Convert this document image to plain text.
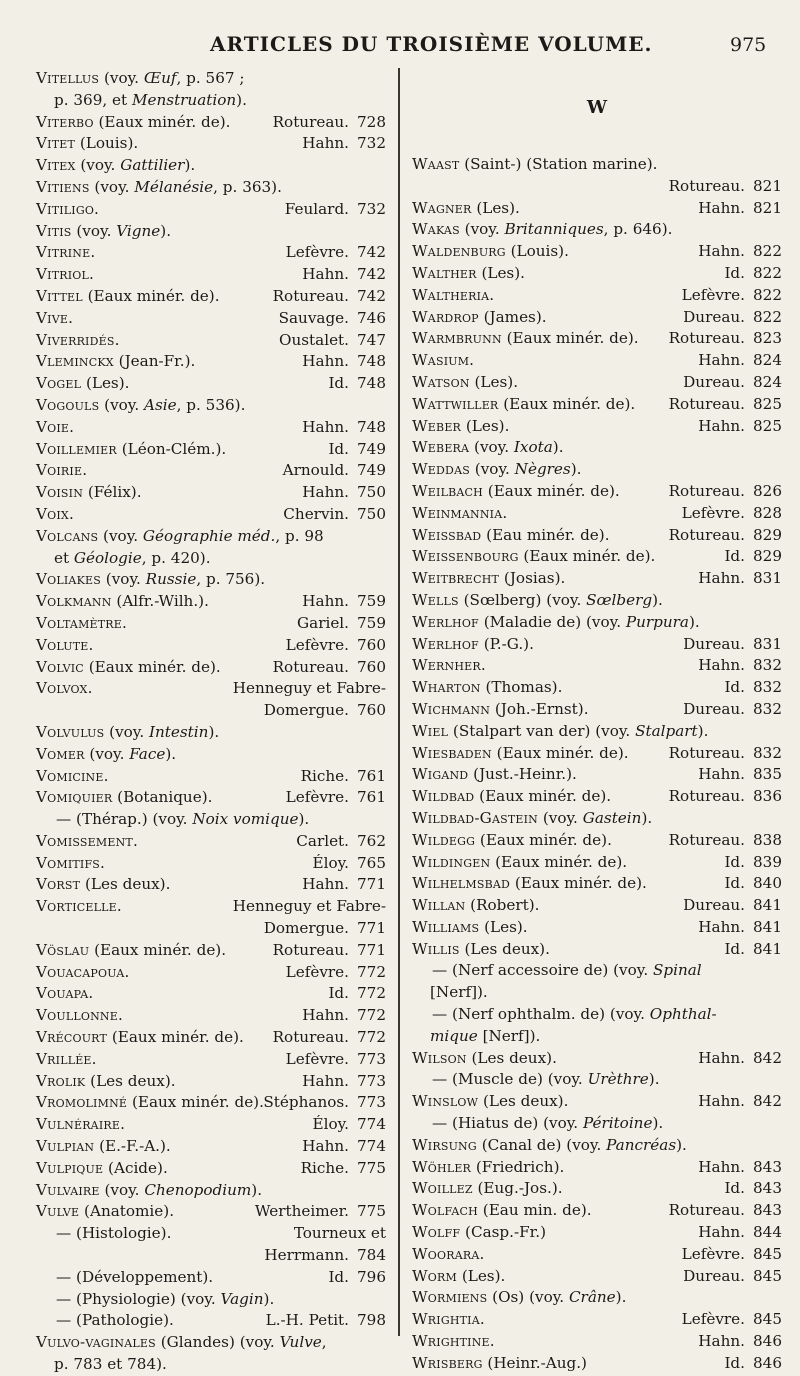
ARTICLES DU TROISIÈME VOLUME.	975
Vitellus (voy. Œuf, p. 567 ;
p. 369, et Menstruation).
Viterbo (Eaux minér. de).	Rotureau. 728
Vitet (Louis).	Hahn. 732
Vitex (voy. Gattilier).
Vitiens (voy. Mélanésie, p. 363).
Vitiligo.	Feulard. 732
Vitis (voy. Vigne).
Vitrine.	Lefèvre. 742
Vitriol.	Hahn. 742
Vittel (Eaux minér. de).	Rotureau. 742
Vive.	Sauvage. 746
Viverridés.	Oustalet. 747
Vleminckx (Jean-Fr.).	Hahn. 748
Vogel (Les).	Id. 748
Vogouls (voy. Asie, p. 536).
Voie.	Hahn. 748
Voillemier (Léon-Clém.).	Id. 749
Voirie.	Arnould. 749
Voisin (Félix).	Hahn. 750
Voix.	Chervin. 750
Volcans (voy. Géographie méd., p. 98
et Géologie, p. 420).
Voliakes (voy. Russie, p. 756).
Volkmann (Alfr.-Wilh.).	Hahn. 759
Voltamètre.	Gariel. 759
Volute.	Lefèvre. 760
Volvic (Eaux minér. de).	Rotureau. 760
Volvox.	Henneguy et Fabre-
Domergue. 760
Volvulus (voy. Intestin).
Vomer (voy. Face).
Vomicine.	Riche. 761
Vomiquier (Botanique).	Lefèvre. 761
— (Thérap.) (voy. Noix vomique).
Vomissement.	Carlet. 762
Vomitifs.	Éloy. 765
Vorst (Les deux).	Hahn. 771
Vorticelle.	Henneguy et Fabre-
Domergue. 771
Vöslau (Eaux minér. de).	Rotureau. 771
Vouacapoua.	Lefèvre. 772
Vouapa.	Id. 772
Voullonne.	Hahn. 772
Vrécourt (Eaux minér. de). Rotureau. 772
Vrillée.	Lefèvre. 773
Vrolik (Les deux).	Hahn. 773
Vromolimné (Eaux minér. de). Stéphanos. 773
Vulnéraire.	Éloy. 774
Vulpian (E.-F.-A.).	Hahn. 774
Vulpique (Acide).	Riche. 775
Vulvaire (voy. Chenopodium).
Vulve (Anatomie).	Wertheimer. 775
— (Histologie).	Tourneux et
Herrmann. 784
— (Développement).	Id. 796
— (Physiologie) (voy. Vagin).
— (Pathologie).	L.-H. Petit. 798
Vulvo-vaginales (Glandes) (voy. Vulve,
p. 783 et 784).
W
Waast (Saint-) (Station marine).
Rotureau. 821
Wagner (Les).	Hahn. 821
Wakas (voy. Britanniques, p. 646).
Waldenburg (Louis).	Hahn. 822
Walther (Les).	Id. 822
Waltheria.	Lefèvre. 822
Wardrop (James).	Dureau. 822
Warmbrunn (Eaux minér. de). Rotureau. 823
Wasium.	Hahn. 824
Watson (Les).	Dureau. 824
Wattwiller (Eaux minér. de). Rotureau. 825
Weber (Les).	Hahn. 825
Webera (voy. Ixota).
Weddas (voy. Nègres).
Weilbach (Eaux minér. de).	Rotureau. 826
Weinmannia.	Lefèvre. 828
Weissbad (Eau minér. de).	Rotureau. 829
Weissenbourg (Eaux minér. de).	Id. 829
Weitbrecht (Josias).	Hahn. 831
Wells (Sœlberg) (voy. Sœlberg).
Werlhof (Maladie de) (voy. Purpura).
Werlhof (P.-G.).	Dureau. 831
Wernher.	Hahn. 832
Wharton (Thomas).	Id. 832
Wichmann (Joh.-Ernst).	Dureau. 832
Wiel (Stalpart van der) (voy. Stalpart).
Wiesbaden (Eaux minér. de).	Rotureau. 832
Wigand (Just.-Heinr.).	Hahn. 835
Wildbad (Eaux minér. de).	Rotureau. 836
Wildbad-Gastein (voy. Gastein).
Wildegg (Eaux minér. de).	Rotureau. 838
Wildingen (Eaux minér. de).	Id. 839
Wilhelmsbad (Eaux minér. de).	Id. 840
Willan (Robert).	Dureau. 841
Williams (Les).	Hahn. 841
Willis (Les deux).	Id. 841
— (Nerf accessoire de) (voy. Spinal
[Nerf]).
— (Nerf ophthalm. de) (voy. Ophthal-
mique [Nerf]).
Wilson (Les deux).	Hahn. 842
— (Muscle de) (voy. Urèthre).
Winslow (Les deux).	Hahn. 842
— (Hiatus de) (voy. Péritoine).
Wirsung (Canal de) (voy. Pancréas).
Wöhler (Friedrich).	Hahn. 843
Woillez (Eug.-Jos.).	Id. 843
Wolfach (Eau min. de).	Rotureau. 843
Wolff (Casp.-Fr.)	Hahn. 844
Woorara.	Lefèvre. 845
Worm (Les).	Dureau. 845
Wormiens (Os) (voy. Crâne).
Wrightia.	Lefèvre. 845
Wrightine.	Hahn. 846
Wrisberg (Heinr.-Aug.)	Id. 846
